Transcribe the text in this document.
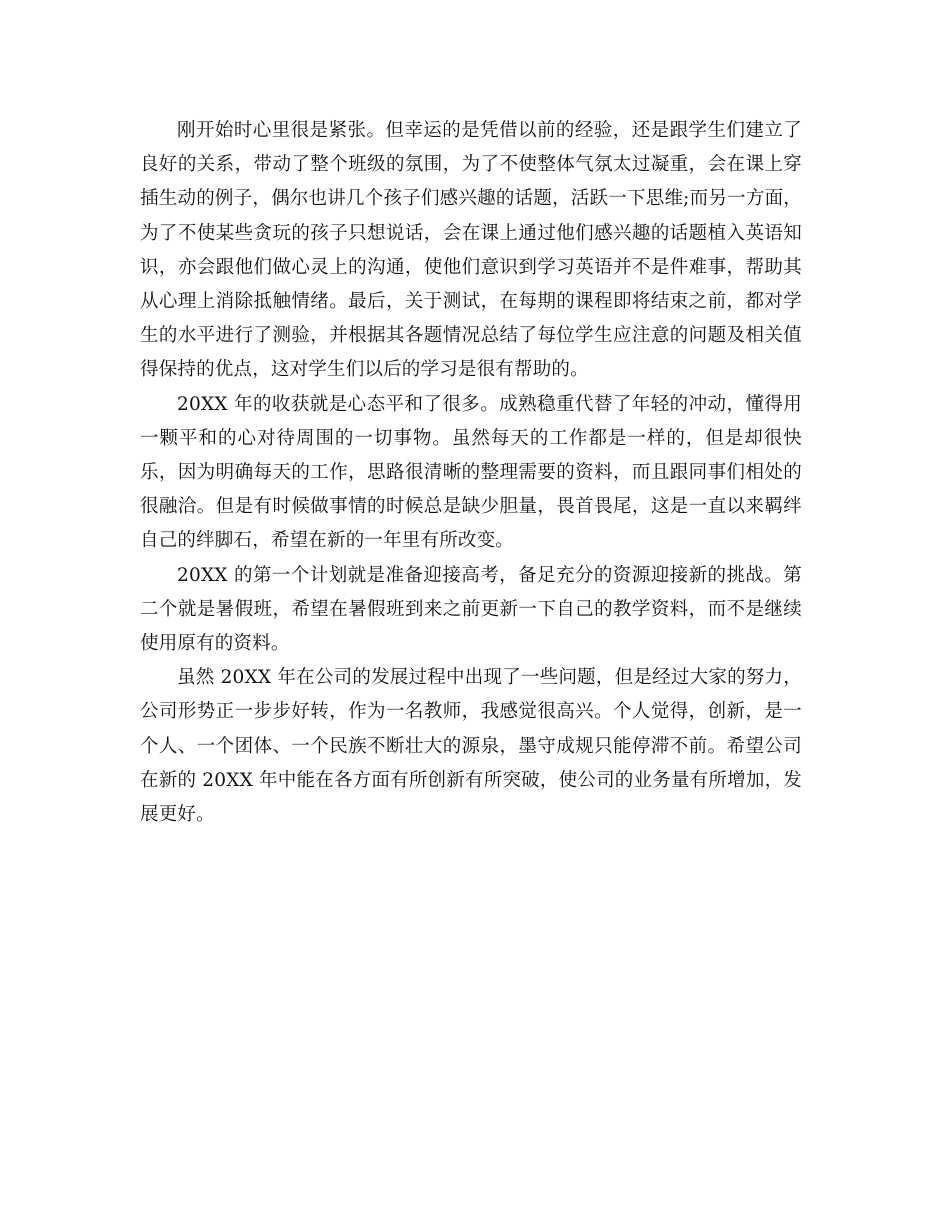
刚开始时心里很是紧张。但幸运的是凭借以前的经验，还是跟学生们建立了良好的关系，带动了整个班级的氛围，为了不使整体气氛太过凝重，会在课上穿插生动的例子，偶尔也讲几个孩子们感兴趣的话题，活跃一下思维;而另一方面，为了不使某些贪玩的孩子只想说话，会在课上通过他们感兴趣的话题植入英语知识，亦会跟他们做心灵上的沟通，使他们意识到学习英语并不是件难事，帮助其从心理上消除抵触情绪。最后，关于测试，在每期的课程即将结束之前，都对学生的水平进行了测验，并根据其各题情况总结了每位学生应注意的问题及相关值得保持的优点，这对学生们以后的学习是很有帮助的。

20XX 年的收获就是心态平和了很多。成熟稳重代替了年轻的冲动，懂得用一颗平和的心对待周围的一切事物。虽然每天的工作都是一样的，但是却很快乐，因为明确每天的工作，思路很清晰的整理需要的资料，而且跟同事们相处的很融洽。但是有时候做事情的时候总是缺少胆量，畏首畏尾，这是一直以来羁绊自己的绊脚石，希望在新的一年里有所改变。

20XX 的第一个计划就是准备迎接高考，备足充分的资源迎接新的挑战。第二个就是暑假班，希望在暑假班到来之前更新一下自己的教学资料，而不是继续使用原有的资料。

虽然 20XX 年在公司的发展过程中出现了一些问题，但是经过大家的努力，公司形势正一步步好转，作为一名教师，我感觉很高兴。个人觉得，创新，是一个人、一个团体、一个民族不断壮大的源泉，墨守成规只能停滞不前。希望公司在新的 20XX 年中能在各方面有所创新有所突破，使公司的业务量有所增加，发展更好。
